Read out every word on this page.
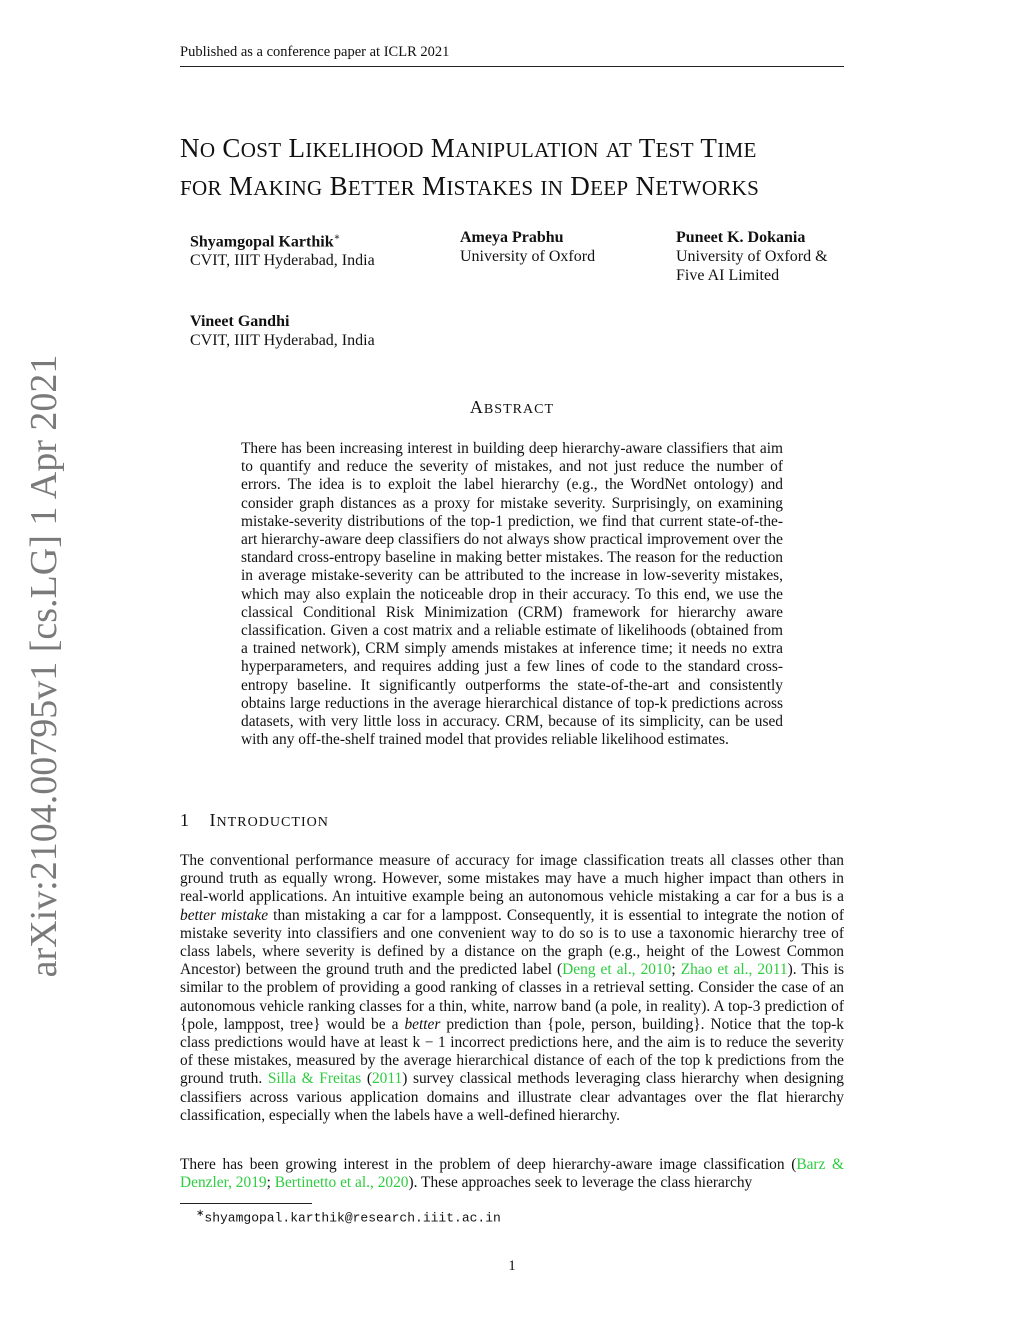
Published as a conference paper at ICLR 2021
arXiv:2104.00795v1 [cs.LG] 1 Apr 2021
NO COST LIKELIHOOD MANIPULATION AT TEST TIME
FOR MAKING BETTER MISTAKES IN DEEP NETWORKS
Shyamgopal Karthik∗
CVIT, IIIT Hyderabad, India
Ameya Prabhu
University of Oxford
Puneet K. Dokania
University of Oxford &
Five AI Limited
Vineet Gandhi
CVIT, IIIT Hyderabad, India
ABSTRACT

There has been increasing interest in building deep hierarchy-aware classifiers that aim to quantify and reduce the severity of mistakes, and not just reduce the number of errors. The idea is to exploit the label hierarchy (e.g., the WordNet ontology) and consider graph distances as a proxy for mistake severity. Surprisingly, on examining mistake-severity distributions of the top-1 prediction, we find that current state-of-the-art hierarchy-aware deep classifiers do not always show practical improvement over the standard cross-entropy baseline in making better mistakes. The reason for the reduction in average mistake-severity can be attributed to the increase in low-severity mistakes, which may also explain the noticeable drop in their accuracy. To this end, we use the classical Conditional Risk Minimization (CRM) framework for hierarchy aware classification. Given a cost matrix and a reliable estimate of likelihoods (obtained from a trained network), CRM simply amends mistakes at inference time; it needs no extra hyperparameters, and requires adding just a few lines of code to the standard cross-entropy baseline. It significantly outperforms the state-of-the-art and consistently obtains large reductions in the average hierarchical distance of top-k predictions across datasets, with very little loss in accuracy. CRM, because of its simplicity, can be used with any off-the-shelf trained model that provides reliable likelihood estimates.

1 INTRODUCTION

The conventional performance measure of accuracy for image classification treats all classes other than ground truth as equally wrong. However, some mistakes may have a much higher impact than others in real-world applications. An intuitive example being an autonomous vehicle mistaking a car for a bus is a better mistake than mistaking a car for a lamppost. Consequently, it is essential to integrate the notion of mistake severity into classifiers and one convenient way to do so is to use a taxonomic hierarchy tree of class labels, where severity is defined by a distance on the graph (e.g., height of the Lowest Common Ancestor) between the ground truth and the predicted label (Deng et al., 2010; Zhao et al., 2011). This is similar to the problem of providing a good ranking of classes in a retrieval setting. Consider the case of an autonomous vehicle ranking classes for a thin, white, narrow band (a pole, in reality). A top-3 prediction of {pole, lamppost, tree} would be a better prediction than {pole, person, building}. Notice that the top-k class predictions would have at least k − 1 incorrect predictions here, and the aim is to reduce the severity of these mistakes, measured by the average hierarchical distance of each of the top k predictions from the ground truth. Silla & Freitas (2011) survey classical methods leveraging class hierarchy when designing classifiers across various application domains and illustrate clear advantages over the flat hierarchy classification, especially when the labels have a well-defined hierarchy.

There has been growing interest in the problem of deep hierarchy-aware image classification (Barz & Denzler, 2019; Bertinetto et al., 2020). These approaches seek to leverage the class hierarchy

∗shyamgopal.karthik@research.iiit.ac.in
1
